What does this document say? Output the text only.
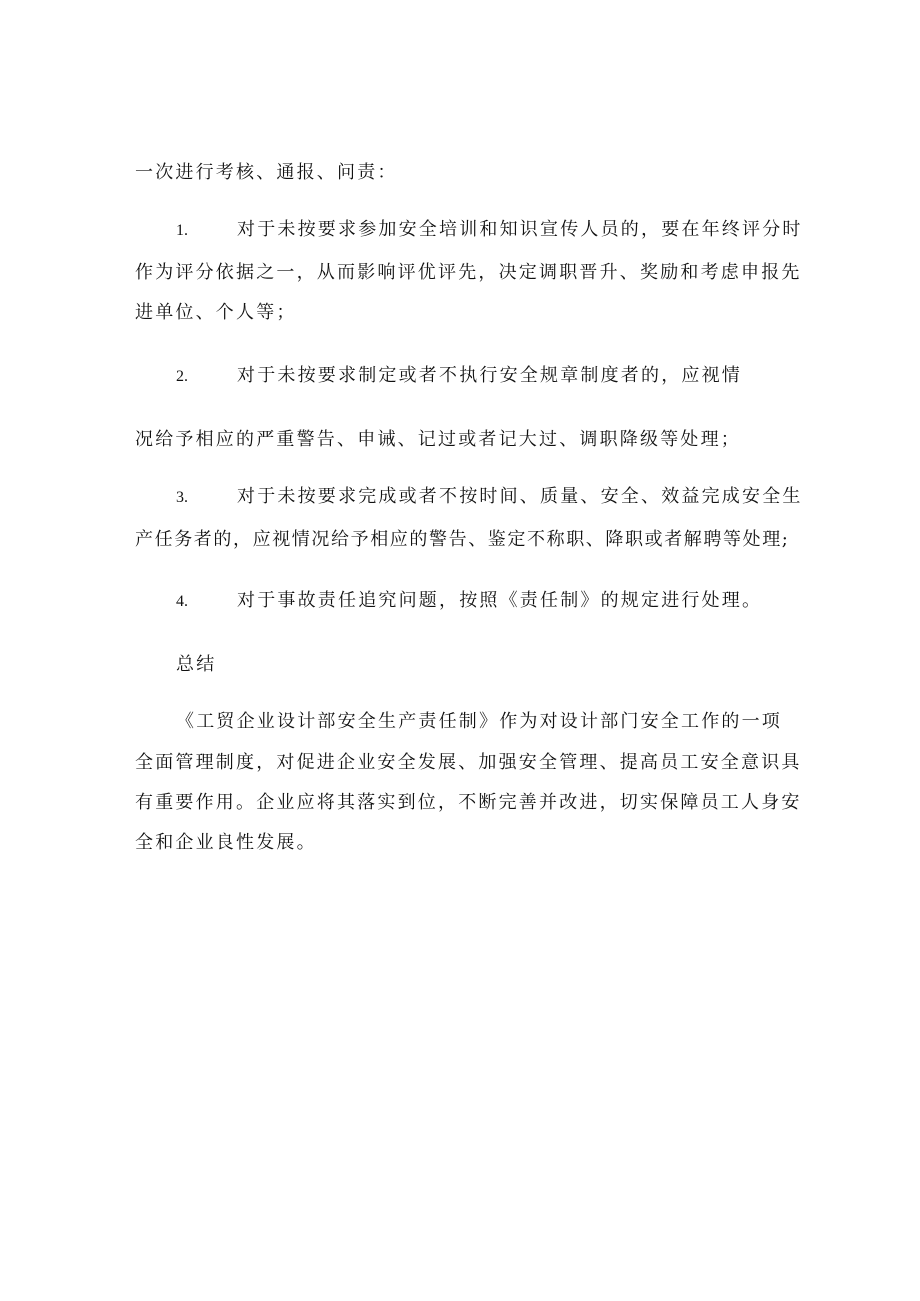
一次进行考核、通报、问责：
1.	对于未按要求参加安全培训和知识宣传人员的，要在年终评分时
作为评分依据之一，从而影响评优评先，决定调职晋升、奖励和考虑申报先
进单位、个人等；
2.	对于未按要求制定或者不执行安全规章制度者的，应视情
况给予相应的严重警告、申诫、记过或者记大过、调职降级等处理；
3.	对于未按要求完成或者不按时间、质量、安全、效益完成安全生
产任务者的，应视情况给予相应的警告、鉴定不称职、降职或者解聘等处理;
4.	对于事故责任追究问题，按照《责任制》的规定进行处理。
总结
《工贸企业设计部安全生产责任制》作为对设计部门安全工作的一项
全面管理制度，对促进企业安全发展、加强安全管理、提高员工安全意识具
有重要作用。企业应将其落实到位，不断完善并改进，切实保障员工人身安
全和企业良性发展。
